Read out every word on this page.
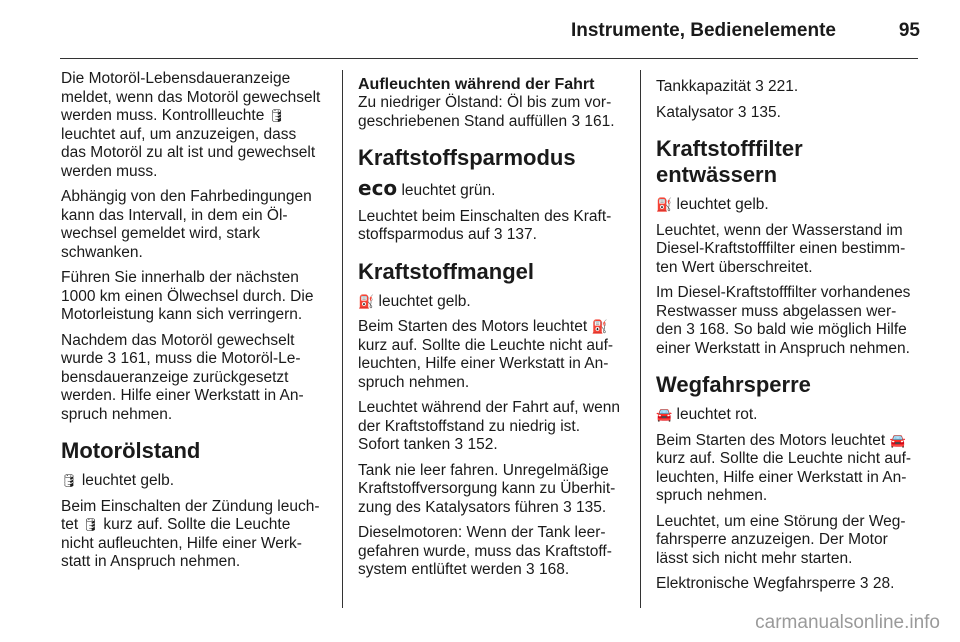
Instrumente, Bedienelemente	95

Die Motoröl-Lebensdaueranzeige meldet, wenn das Motoröl gewechselt werden muss. Kontrollleuchte 🛢 leuchtet auf, um anzuzeigen, dass das Motoröl zu alt ist und gewechselt werden muss.

Abhängig von den Fahrbedingungen kann das Intervall, in dem ein Öl- wechsel gemeldet wird, stark schwanken.

Führen Sie innerhalb der nächsten 1000 km einen Ölwechsel durch. Die Motorleistung kann sich verringern.

Nachdem das Motoröl gewechselt wurde 3 161, muss die Motoröl-Le- bensdaueranzeige zurückgesetzt werden. Hilfe einer Werkstatt in An- spruch nehmen.

Motorölstand

🛢 leuchtet gelb.

Beim Einschalten der Zündung leuch- tet 🛢 kurz auf. Sollte die Leuchte nicht aufleuchten, Hilfe einer Werk- statt in Anspruch nehmen.

Aufleuchten während der Fahrt

Zu niedriger Ölstand: Öl bis zum vor- geschriebenen Stand auffüllen 3 161.

Kraftstoffsparmodus

eco leuchtet grün.

Leuchtet beim Einschalten des Kraft- stoffsparmodus auf 3 137.

Kraftstoffmangel

⛽ leuchtet gelb.

Beim Starten des Motors leuchtet ⛽ kurz auf. Sollte die Leuchte nicht auf- leuchten, Hilfe einer Werkstatt in An- spruch nehmen.

Leuchtet während der Fahrt auf, wenn der Kraftstoffstand zu niedrig ist. Sofort tanken 3 152.

Tank nie leer fahren. Unregelmäßige Kraftstoffversorgung kann zu Überhit- zung des Katalysators führen 3 135.

Dieselmotoren: Wenn der Tank leer- gefahren wurde, muss das Kraftstoff- system entlüftet werden 3 168.

Tankkapazität 3 221.

Katalysator 3 135.

Kraftstofffilter entwässern

⛽ leuchtet gelb.

Leuchtet, wenn der Wasserstand im Diesel-Kraftstofffilter einen bestimm- ten Wert überschreitet.

Im Diesel-Kraftstofffilter vorhandenes Restwasser muss abgelassen wer- den 3 168. So bald wie möglich Hilfe einer Werkstatt in Anspruch nehmen.

Wegfahrsperre

🚘 leuchtet rot.

Beim Starten des Motors leuchtet 🚘 kurz auf. Sollte die Leuchte nicht auf- leuchten, Hilfe einer Werkstatt in An- spruch nehmen.

Leuchtet, um eine Störung der Weg- fahrsperre anzuzeigen. Der Motor lässt sich nicht mehr starten.

Elektronische Wegfahrsperre 3 28.

carmanualsonline.info
